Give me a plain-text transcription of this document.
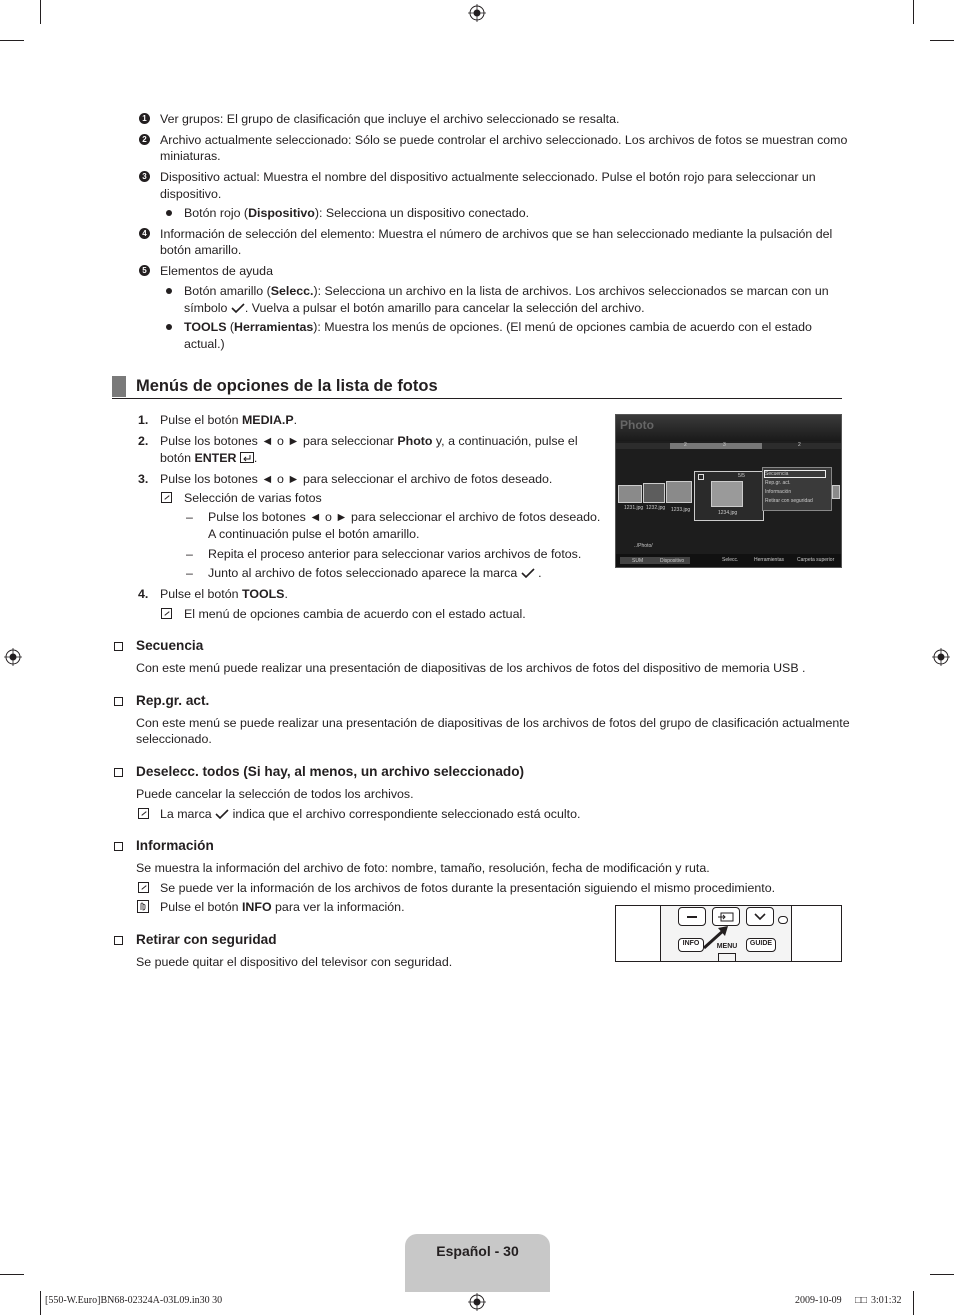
1 Ver grupos: El grupo de clasificación que incluye el archivo seleccionado se resalta.
2 Archivo actualmente seleccionado: Sólo se puede controlar el archivo seleccionado. Los archivos de fotos se muestran como
miniaturas.
3 Dispositivo actual: Muestra el nombre del dispositivo actualmente seleccionado. Pulse el botón rojo para seleccionar un
dispositivo.
Botón rojo (Dispositivo): Selecciona un dispositivo conectado.
4 Información de selección del elemento: Muestra el número de archivos que se han seleccionado mediante la pulsación del
botón amarillo.
5 Elementos de ayuda
Botón amarillo (Selecc.): Selecciona un archivo en la lista de archivos. Los archivos seleccionados se marcan con un
símbolo . Vuelva a pulsar el botón amarillo para cancelar la selección del archivo.
TOOLS (Herramientas): Muestra los menús de opciones. (El menú de opciones cambia de acuerdo con el estado
actual.)
Menús de opciones de la lista de fotos
1. Pulse el botón MEDIA.P.
2. Pulse los botones ◄ o ► para seleccionar Photo y, a continuación, pulse el
botón ENTER .
3. Pulse los botones ◄ o ► para seleccionar el archivo de fotos deseado.
Selección de varias fotos
– Pulse los botones ◄ o ► para seleccionar el archivo de fotos deseado.
A continuación pulse el botón amarillo.
– Repita el proceso anterior para seleccionar varios archivos de fotos.
– Junto al archivo de fotos seleccionado aparece la marca  .
4. Pulse el botón TOOLS.
El menú de opciones cambia de acuerdo con el estado actual.
Photo
2	3	2
1231.jpg 1232.jpg 1233.jpg
5/5
1234.jpg
Secuencia
Rep.gr. act.
Información
Retirar con seguridad
../Photo/
SUM	Dispositivo	Selecc.	Herramientas	Carpeta superior
Secuencia
Con este menú puede realizar una presentación de diapositivas de los archivos de fotos del dispositivo de memoria USB .
Rep.gr. act.
Con este menú se puede realizar una presentación de diapositivas de los archivos de fotos del grupo de clasificación actualmente
seleccionado.
Deselecc. todos (Si hay, al menos, un archivo seleccionado)
Puede cancelar la selección de todos los archivos.
La marca indica que el archivo correspondiente seleccionado está oculto.
Información
Se muestra la información del archivo de foto: nombre, tamaño, resolución, fecha de modificación y ruta.
Se puede ver la información de los archivos de fotos durante la presentación siguiendo el mismo procedimiento.
Pulse el botón INFO para ver la información.
Retirar con seguridad
Se puede quitar el dispositivo del televisor con seguridad.
INFO	MENU	GUIDE
Español - 30
[550-W.Euro]BN68-02324A-03L09.in30 30	2009-10-09 □□ 3:01:32
